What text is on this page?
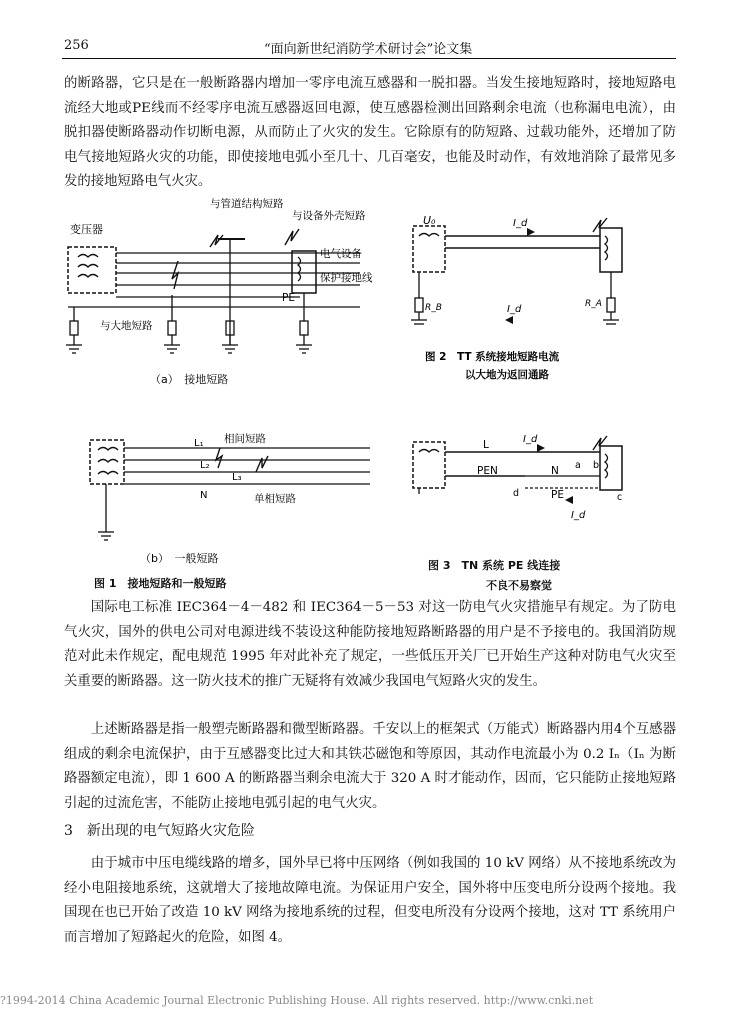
256	“面向新世纪消防学术研讨会”论文集
的断路器，它只是在一般断路器内增加一零序电流互感器和一脱扣器。当发生接地短路时，接地短路电流经大地或PE线而不经零序电流互感器返回电源，使互感器检测出回路剩余电流（也称漏电电流），由脱扣器使断路器动作切断电源，从而防止了火灾的发生。它除原有的防短路、过载功能外，还增加了防电气接地短路火灾的功能，即使接地电弧小至几十、几百毫安，也能及时动作，有效地消除了最常见多发的接地短路电气火灾。
变压器
与管道结构短路
与设备外壳短路
电气设备
保护接地线
PE
与大地短路
（a）　接地短路
U₀	I_d
I_d
R_B	R_A
图 2　TT 系统接地短路电流
以大地为返回通路
L₁
L₂
L₃
N
相间短路
单相短路
（b）　一般短路
L	I_d
PEN	N
PE
a b
c
d
I_d
图 1　接地短路和一般短路
图 3　TN 系统 PE 线连接
不良不易察觉
国际电工标准 IEC364－4－482 和 IEC364－5－53 对这一防电气火灾措施早有规定。为了防电气火灾，国外的供电公司对电源进线不装设这种能防接地短路断路器的用户是不予接电的。我国消防规范对此未作规定，配电规范 1995 年对此补充了规定，一些低压开关厂已开始生产这种对防电气火灾至关重要的断路器。这一防火技术的推广无疑将有效减少我国电气短路火灾的发生。
上述断路器是指一般塑壳断路器和微型断路器。千安以上的框架式（万能式）断路器内用4个互感器组成的剩余电流保护，由于互感器变比过大和其铁芯磁饱和等原因，其动作电流最小为 0.2 Iₙ（Iₙ 为断路器额定电流），即 1 600 A 的断路器当剩余电流大于 320 A 时才能动作，因而，它只能防止接地短路引起的过流危害，不能防止接地电弧引起的电气火灾。
3　新出现的电气短路火灾危险
由于城市中压电缆线路的增多，国外早已将中压网络（例如我国的 10 kV 网络）从不接地系统改为经小电阻接地系统，这就增大了接地故障电流。为保证用户安全，国外将中压变电所分设两个接地。我国现在也已开始了改造 10 kV 网络为接地系统的过程，但变电所没有分设两个接地，这对 TT 系统用户而言增加了短路起火的危险，如图 4。
?1994-2014 China Academic Journal Electronic Publishing House. All rights reserved. http://www.cnki.net
